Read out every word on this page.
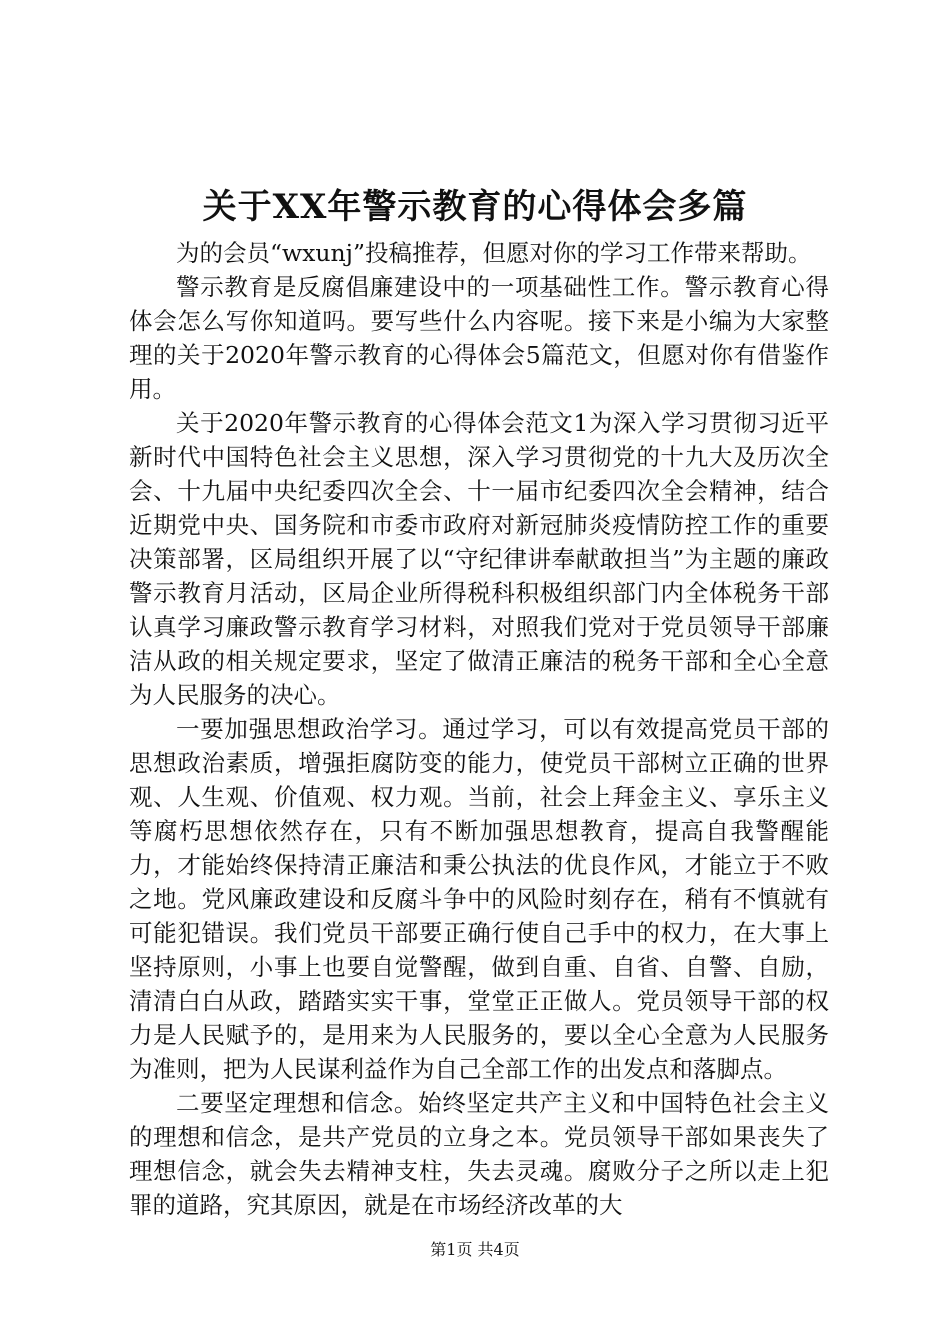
关于XX年警示教育的心得体会多篇

为的会员“wxunj”投稿推荐，但愿对你的学习工作带来帮助。

警示教育是反腐倡廉建设中的一项基础性工作。警示教育心得体会怎么写你知道吗。要写些什么内容呢。接下来是小编为大家整理的关于2020年警示教育的心得体会5篇范文，但愿对你有借鉴作用。

关于2020年警示教育的心得体会范文1为深入学习贯彻习近平新时代中国特色社会主义思想，深入学习贯彻党的十九大及历次全会、十九届中央纪委四次全会、十一届市纪委四次全会精神，结合近期党中央、国务院和市委市政府对新冠肺炎疫情防控工作的重要决策部署，区局组织开展了以“守纪律讲奉献敢担当”为主题的廉政警示教育月活动，区局企业所得税科积极组织部门内全体税务干部认真学习廉政警示教育学习材料，对照我们党对于党员领导干部廉洁从政的相关规定要求，坚定了做清正廉洁的税务干部和全心全意为人民服务的决心。

一要加强思想政治学习。通过学习，可以有效提高党员干部的思想政治素质，增强拒腐防变的能力，使党员干部树立正确的世界观、人生观、价值观、权力观。当前，社会上拜金主义、享乐主义等腐朽思想依然存在，只有不断加强思想教育，提高自我警醒能力，才能始终保持清正廉洁和秉公执法的优良作风，才能立于不败之地。党风廉政建设和反腐斗争中的风险时刻存在，稍有不慎就有可能犯错误。我们党员干部要正确行使自己手中的权力，在大事上坚持原则，小事上也要自觉警醒，做到自重、自省、自警、自励，清清白白从政，踏踏实实干事，堂堂正正做人。党员领导干部的权力是人民赋予的，是用来为人民服务的，要以全心全意为人民服务为准则，把为人民谋利益作为自己全部工作的出发点和落脚点。

二要坚定理想和信念。始终坚定共产主义和中国特色社会主义的理想和信念，是共产党员的立身之本。党员领导干部如果丧失了理想信念，就会失去精神支柱，失去灵魂。腐败分子之所以走上犯罪的道路，究其原因，就是在市场经济改革的大

第1页 共4页
